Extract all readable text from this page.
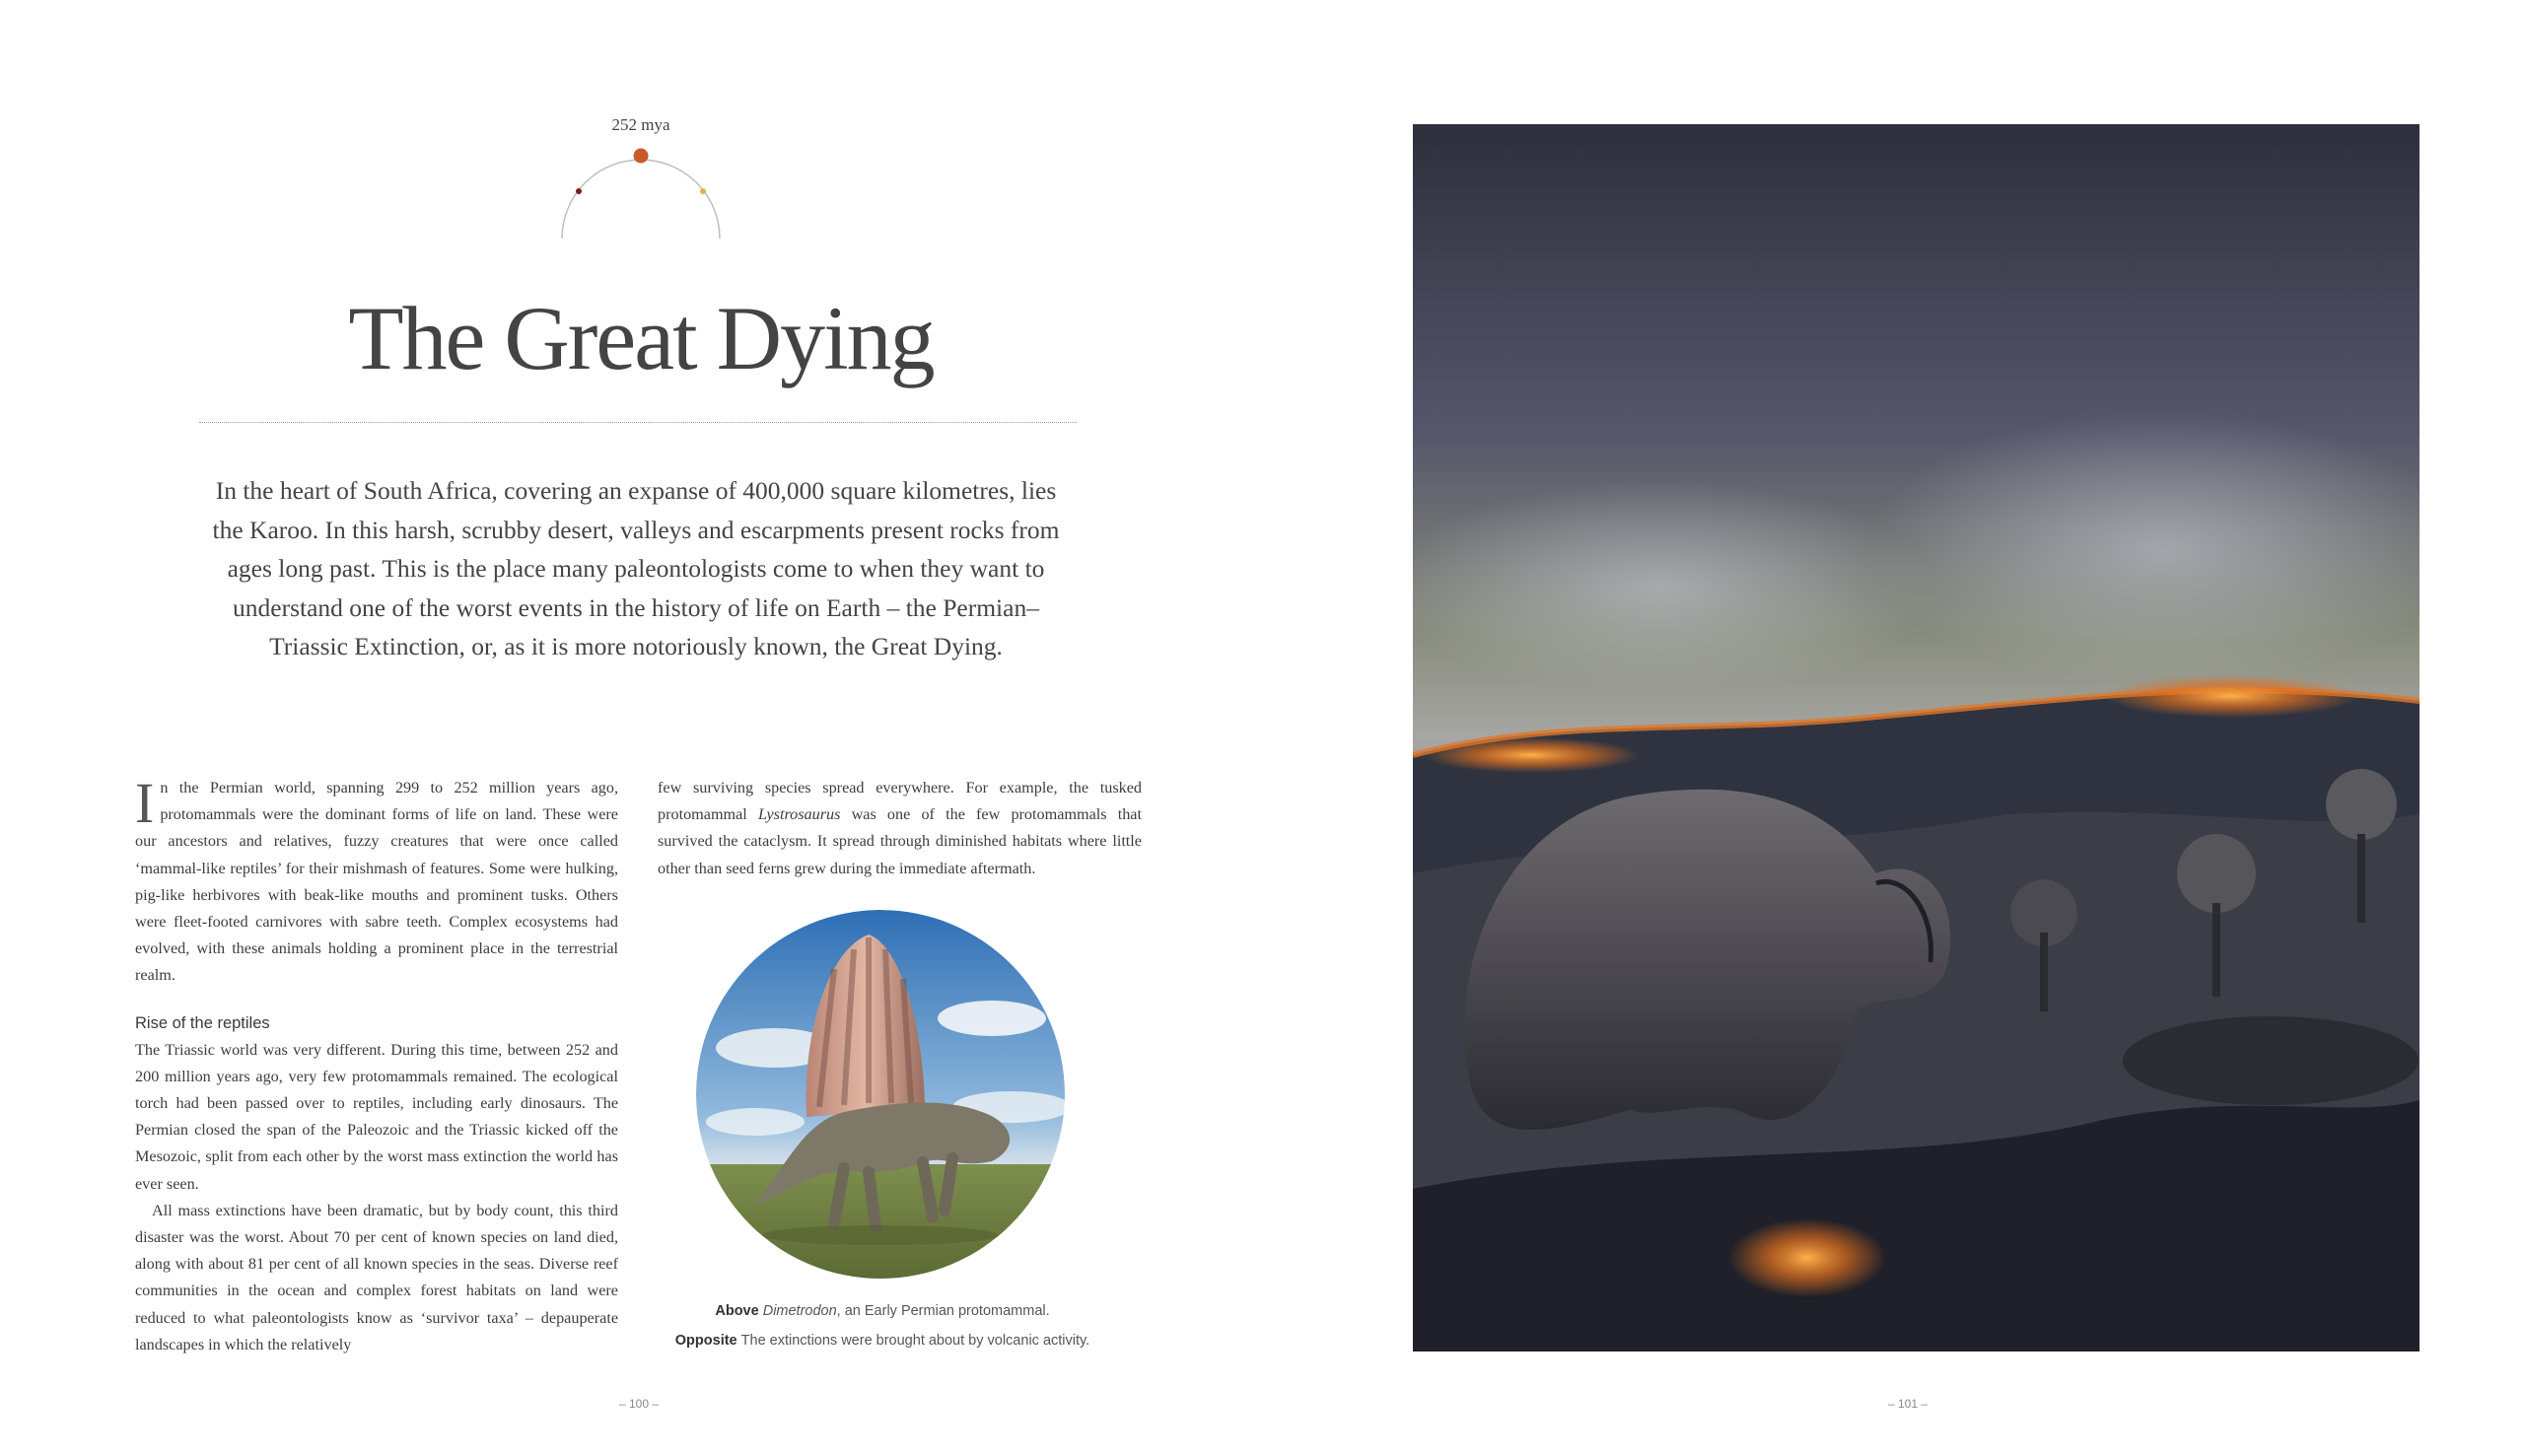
252 mya
The Great Dying

In the heart of South Africa, covering an expanse of 400,000 square kilometres, lies the Karoo. In this harsh, scrubby desert, valleys and escarpments present rocks from ages long past. This is the place many paleontologists come to when they want to understand one of the worst events in the history of life on Earth – the Permian–Triassic Extinction, or, as it is more notoriously known, the Great Dying.

In the Permian world, spanning 299 to 252 million years ago, protomammals were the dominant forms of life on land. These were our ancestors and relatives, fuzzy creatures that were once called ‘mammal-like reptiles’ for their mishmash of features. Some were hulking, pig-like herbivores with beak-like mouths and prominent tusks. Others were fleet-footed carnivores with sabre teeth. Complex ecosystems had evolved, with these animals holding a prominent place in the terrestrial realm.

Rise of the reptiles

The Triassic world was very different. During this time, between 252 and 200 million years ago, very few protomammals remained. The ecological torch had been passed over to reptiles, including early dinosaurs. The Permian closed the span of the Paleozoic and the Triassic kicked off the Mesozoic, split from each other by the worst mass extinction the world has ever seen.

All mass extinctions have been dramatic, but by body count, this third disaster was the worst. About 70 per cent of known species on land died, along with about 81 per cent of all known species in the seas. Diverse reef communities in the ocean and complex forest habitats on land were reduced to what paleontologists know as ‘survivor taxa’ – depauperate landscapes in which the relatively

few surviving species spread everywhere. For example, the tusked protomammal Lystrosaurus was one of the few protomammals that survived the cataclysm. It spread through diminished habitats where little other than seed ferns grew during the immediate aftermath.

Above Dimetrodon, an Early Permian protomammal.
Opposite The extinctions were brought about by volcanic activity.
– 100 –	– 101 –
